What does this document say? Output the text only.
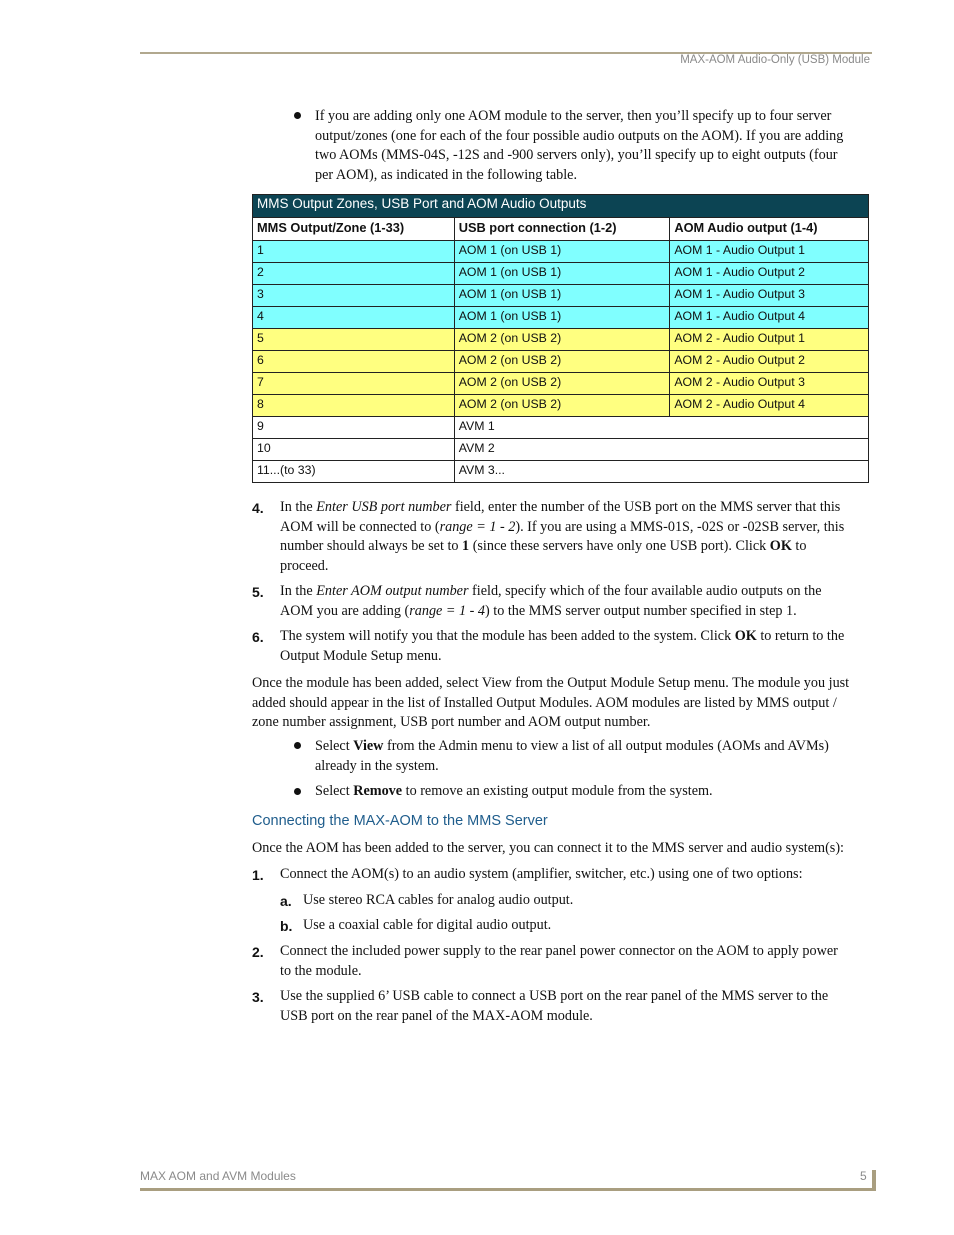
MAX-AOM Audio-Only (USB) Module
If you are adding only one AOM module to the server, then you’ll specify up to four server
output/zones (one for each of the four possible audio outputs on the AOM). If you are adding
two AOMs (MMS-04S, -12S and -900 servers only), you’ll specify up to eight outputs (four
per AOM), as indicated in the following table.
MMS Output Zones, USB Port and AOM Audio Outputs		
MMS Output/Zone (1-33)	USB port connection (1-2)	AOM Audio output (1-4)
1	AOM 1 (on USB 1)	AOM 1 - Audio Output 1
2	AOM 1 (on USB 1)	AOM 1 - Audio Output 2
3	AOM 1 (on USB 1)	AOM 1 - Audio Output 3
4	AOM 1 (on USB 1)	AOM 1 - Audio Output 4
5	AOM 2 (on USB 2)	AOM 2 - Audio Output 1
6	AOM 2 (on USB 2)	AOM 2 - Audio Output 2
7	AOM 2 (on USB 2)	AOM 2 - Audio Output 3
8	AOM 2 (on USB 2)	AOM 2 - Audio Output 4
9	AVM 1	
10	AVM 2	
11...(to 33)	AVM 3...	
4. In the Enter USB port number field, enter the number of the USB port on the MMS server that this
AOM will be connected to (range = 1 - 2). If you are using a MMS-01S, -02S or -02SB server, this
number should always be set to 1 (since these servers have only one USB port). Click OK to
proceed.
5. In the Enter AOM output number field, specify which of the four available audio outputs on the
AOM you are adding (range = 1 - 4) to the MMS server output number specified in step 1.
6. The system will notify you that the module has been added to the system. Click OK to return to the
Output Module Setup menu.
Once the module has been added, select View from the Output Module Setup menu. The module you just
added should appear in the list of Installed Output Modules. AOM modules are listed by MMS output /
zone number assignment, USB port number and AOM output number.
Select View from the Admin menu to view a list of all output modules (AOMs and AVMs)
already in the system.
Select Remove to remove an existing output module from the system.
Connecting the MAX-AOM to the MMS Server
Once the AOM has been added to the server, you can connect it to the MMS server and audio system(s):
1. Connect the AOM(s) to an audio system (amplifier, switcher, etc.) using one of two options:
a. Use stereo RCA cables for analog audio output.
b. Use a coaxial cable for digital audio output.
2. Connect the included power supply to the rear panel power connector on the AOM to apply power
to the module.
3. Use the supplied 6’ USB cable to connect a USB port on the rear panel of the MMS server to the
USB port on the rear panel of the MAX-AOM module.
MAX AOM and AVM Modules	5
